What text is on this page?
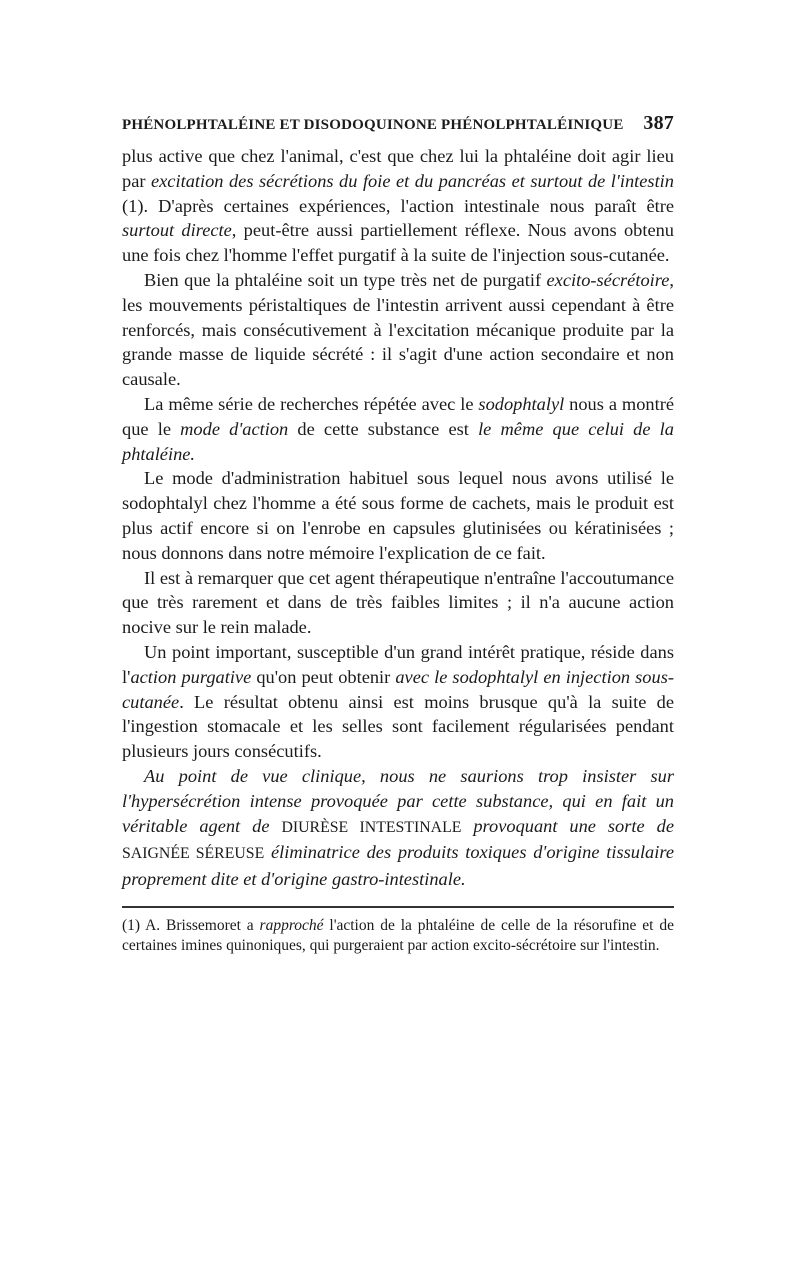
PHÉNOLPHTALÉINE ET DISODOQUINONE PHÉNOLPHTALÉINIQUE 387

plus active que chez l'animal, c'est que chez lui la phtaléine doit agir lieu par excitation des sécrétions du foie et du pancréas et surtout de l'intestin (1). D'après certaines expériences, l'action intestinale nous paraît être surtout directe, peut-être aussi partiellement réflexe. Nous avons obtenu une fois chez l'homme l'effet purgatif à la suite de l'injection sous-cutanée.

Bien que la phtaléine soit un type très net de purgatif excito-sécrétoire, les mouvements péristaltiques de l'intestin arrivent aussi cependant à être renforcés, mais consécutivement à l'excitation mécanique produite par la grande masse de liquide sécrété : il s'agit d'une action secondaire et non causale.

La même série de recherches répétée avec le sodophtalyl nous a montré que le mode d'action de cette substance est le même que celui de la phtaléine.

Le mode d'administration habituel sous lequel nous avons utilisé le sodophtalyl chez l'homme a été sous forme de cachets, mais le produit est plus actif encore si on l'enrobe en capsules glutinisées ou kératinisées ; nous donnons dans notre mémoire l'explication de ce fait.

Il est à remarquer que cet agent thérapeutique n'entraîne l'accoutumance que très rarement et dans de très faibles limites ; il n'a aucune action nocive sur le rein malade.

Un point important, susceptible d'un grand intérêt pratique, réside dans l'action purgative qu'on peut obtenir avec le sodophtalyl en injection sous-cutanée. Le résultat obtenu ainsi est moins brusque qu'à la suite de l'ingestion stomacale et les selles sont facilement régularisées pendant plusieurs jours consécutifs.

Au point de vue clinique, nous ne saurions trop insister sur l'hypersécrétion intense provoquée par cette substance, qui en fait un véritable agent de DIURÈSE INTESTINALE provoquant une sorte de SAIGNÉE SÉREUSE éliminatrice des produits toxiques d'origine tissulaire proprement dite et d'origine gastro-intestinale.

(1) A. Brissemoret a rapproché l'action de la phtaléine de celle de la résorufine et de certaines imines quinoniques, qui purgeraient par action excito-sécrétoire sur l'intestin.
